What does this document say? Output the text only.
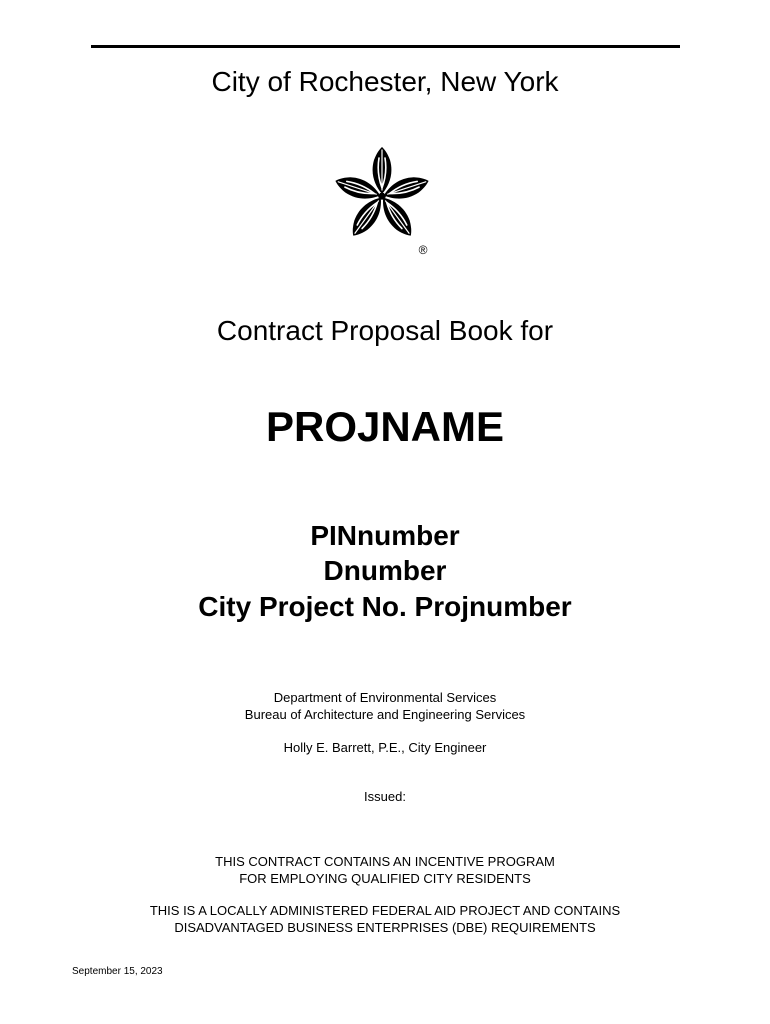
City of Rochester, New York
®
Contract Proposal Book for
PROJNAME
PINnumber
Dnumber
City Project No. Projnumber
Department of Environmental Services
Bureau of Architecture and Engineering Services
Holly E. Barrett, P.E., City Engineer
Issued:
THIS CONTRACT CONTAINS AN INCENTIVE PROGRAM
FOR EMPLOYING QUALIFIED CITY RESIDENTS
THIS IS A LOCALLY ADMINISTERED FEDERAL AID PROJECT AND CONTAINS
DISADVANTAGED BUSINESS ENTERPRISES (DBE) REQUIREMENTS
September 15, 2023
